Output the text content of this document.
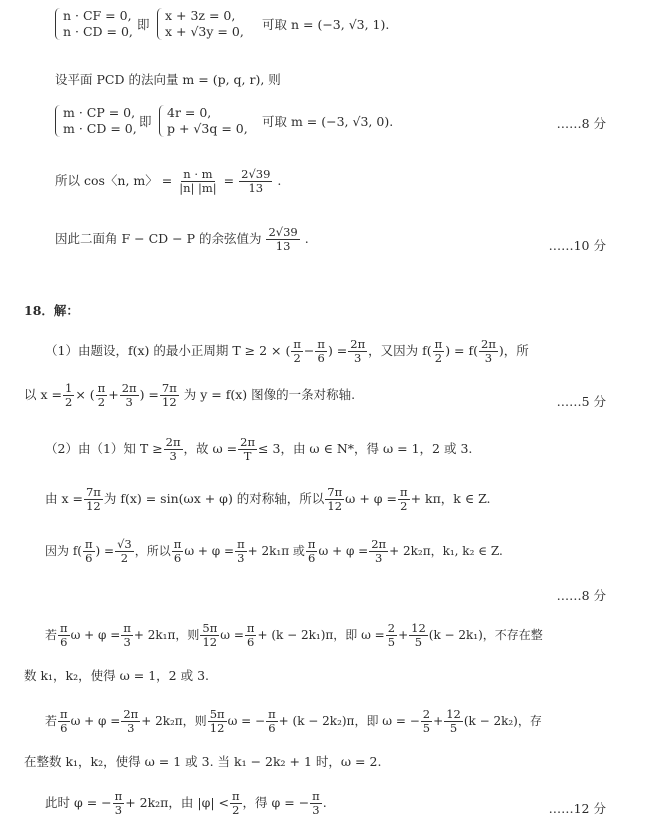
n · CF = 0,
n · CD = 0, 即
x + 3z = 0,
x + √3y = 0, 可取 n = (−3, √3, 1).
设平面 PCD 的法向量 m = (p, q, r), 则
m · CP = 0,
m · CD = 0, 即
4r = 0,
p + √3q = 0, 可取 m = (−3, √3, 0).	……8 分
所以 cos〈n, m〉 = $\frac{n \cdot m}{|n| |m|} = \frac{2√39}{13}$ .
因此二面角 F − CD − P 的余弦值为 $\frac{2√39}{13}$ .	……10 分
18．解：
（1）由题设，f(x) 的最小正周期 T ≥ 2 × ( $\frac{\pi}{2} - \frac{\pi}{6}$ ) = $\frac{2\pi}{3}$ ，又因为 $f( \frac{\pi}{2}$ ) = $f( \frac{2\pi}{3}$ )，所
以 $x = \frac{1}{2}$ × ( $\frac{\pi}{2} + \frac{2\pi}{3}$ ) = $\frac{7\pi}{12}$ 为 y = f(x) 图像的一条对称轴.	……5 分
（2）由（1）知 $T \ge \frac{2\pi}{3}$ ，故 $\omega = \frac{2\pi}{T} \le 3$，由 ω ∈ N*，得 ω = 1，2 或 3.
由 $x = \frac{7\pi}{12}$ 为 f(x) = sin(ωx + φ) 的对称轴，所以 $\frac{7\pi}{12}$ $\omega + \varphi = \frac{\pi}{2} + k\pi$，k ∈ Z.
因为 $f( \frac{\pi}{6}$ ) = $\frac{√3}{2}$ ，所以 $\frac{\pi}{6}$ $\omega + \varphi = \frac{\pi}{3} + 2k_1\pi$ 或 $\frac{\pi}{6}$ $\omega + \varphi = \frac{2\pi}{3} + 2k_2\pi$，k₁, k₂ ∈ Z.
……8 分
若 $\frac{\pi}{6}$ $\omega + \varphi = \frac{\pi}{3} + 2k_1\pi$，则 $\frac{5\pi}{12}$ $\omega = \frac{\pi}{6} + (k - 2k_1)\pi$，即 $\omega = \frac{2}{5} + \frac{12}{5} (k - 2k_1)$，不存在整
数 k₁，k₂，使得 ω = 1，2 或 3.
若 $\frac{\pi}{6}$ $\omega + \varphi = \frac{2\pi}{3} + 2k_2\pi$，则 $\frac{5\pi}{12}$ ω = − $\frac{\pi}{6} + (k - 2k_2)\pi$，即 ω = − $\frac{2}{5} + \frac{12}{5} (k - 2k_2)$，存
在整数 k₁，k₂，使得 ω = 1 或 3. 当 k₁ − 2k₂ + 1 时，ω = 2.
此时 φ = − $\frac{\pi}{3} + 2k_2\pi$，由 $|\varphi| < \frac{\pi}{2}$ ，得 φ = − $\frac{\pi}{3}$ .	……12 分
